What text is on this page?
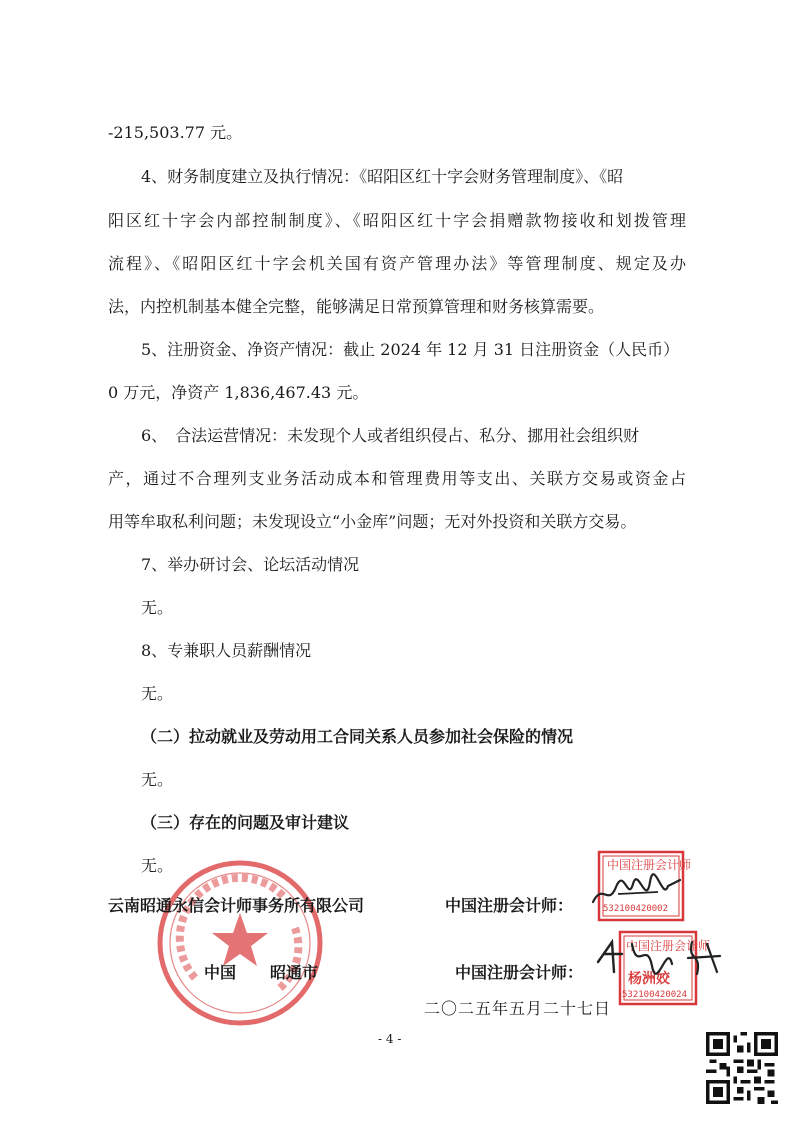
-215,503.77 元。
4、财务制度建立及执行情况：《昭阳区红十字会财务管理制度》、《昭
阳区红十字会内部控制制度》、《昭阳区红十字会捐赠款物接收和划拨管理
流程》、《昭阳区红十字会机关国有资产管理办法》等管理制度、规定及办
法，内控机制基本健全完整，能够满足日常预算管理和财务核算需要。
5、注册资金、净资产情况：截止 2024 年 12 月 31 日注册资金（人民币）
0 万元，净资产 1,836,467.43 元。
6、　合法运营情况：未发现个人或者组织侵占、私分、挪用社会组织财
产，通过不合理列支业务活动成本和管理费用等支出、关联方交易或资金占
用等牟取私利问题；未发现设立“小金库”问题；无对外投资和关联方交易。
7、举办研讨会、论坛活动情况
无。
8、专兼职人员薪酬情况
无。
（二）拉动就业及劳动用工合同关系人员参加社会保险的情况
无。
（三）存在的问题及审计建议
无。
云南昭通永信会计师事务所有限公司	中国注册会计师：
中国注册会计师
532100420002
中国 昭通市	中国注册会计师：
中国注册会计师
杨洲姣
532100420024
二〇二五年五月二十七日
- 4 -
